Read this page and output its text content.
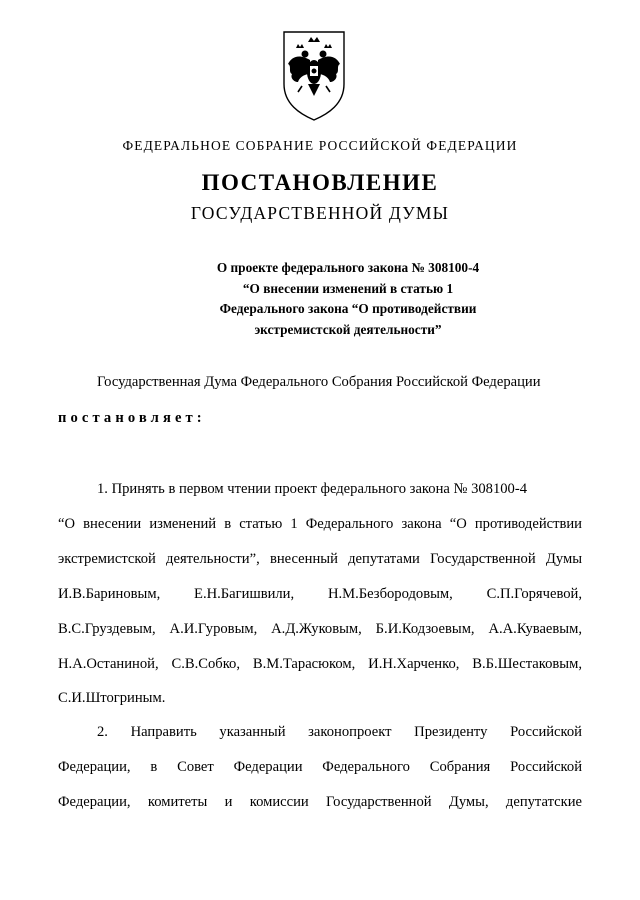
ФЕДЕРАЛЬНОЕ СОБРАНИЕ РОССИЙСКОЙ ФЕДЕРАЦИИ
ПОСТАНОВЛЕНИЕ
ГОСУДАРСТВЕННОЙ ДУМЫ
О проекте федерального закона № 308100-4
“О внесении изменений в статью 1
Федерального закона “О противодействии
экстремистской деятельности”
Государственная Дума Федерального Собрания Российской Федерации
постановляет:
1. Принять в первом чтении проект федерального закона № 308100-4
“О внесении изменений в статью 1 Федерального закона “О противодействии
экстремистской деятельности”, внесенный депутатами Государственной Думы
И.В.Бариновым, Е.Н.Багишвили, Н.М.Безбородовым, С.П.Горячевой,
В.С.Груздевым, А.И.Гуровым, А.Д.Жуковым, Б.И.Кодзоевым, А.А.Куваевым,
Н.А.Останиной, С.В.Собко, В.М.Тарасюком, И.Н.Харченко, В.Б.Шестаковым,
С.И.Штогриным.
2. Направить указанный законопроект Президенту Российской
Федерации, в Совет Федерации Федерального Собрания Российской
Федерации, комитеты и комиссии Государственной Думы, депутатские
